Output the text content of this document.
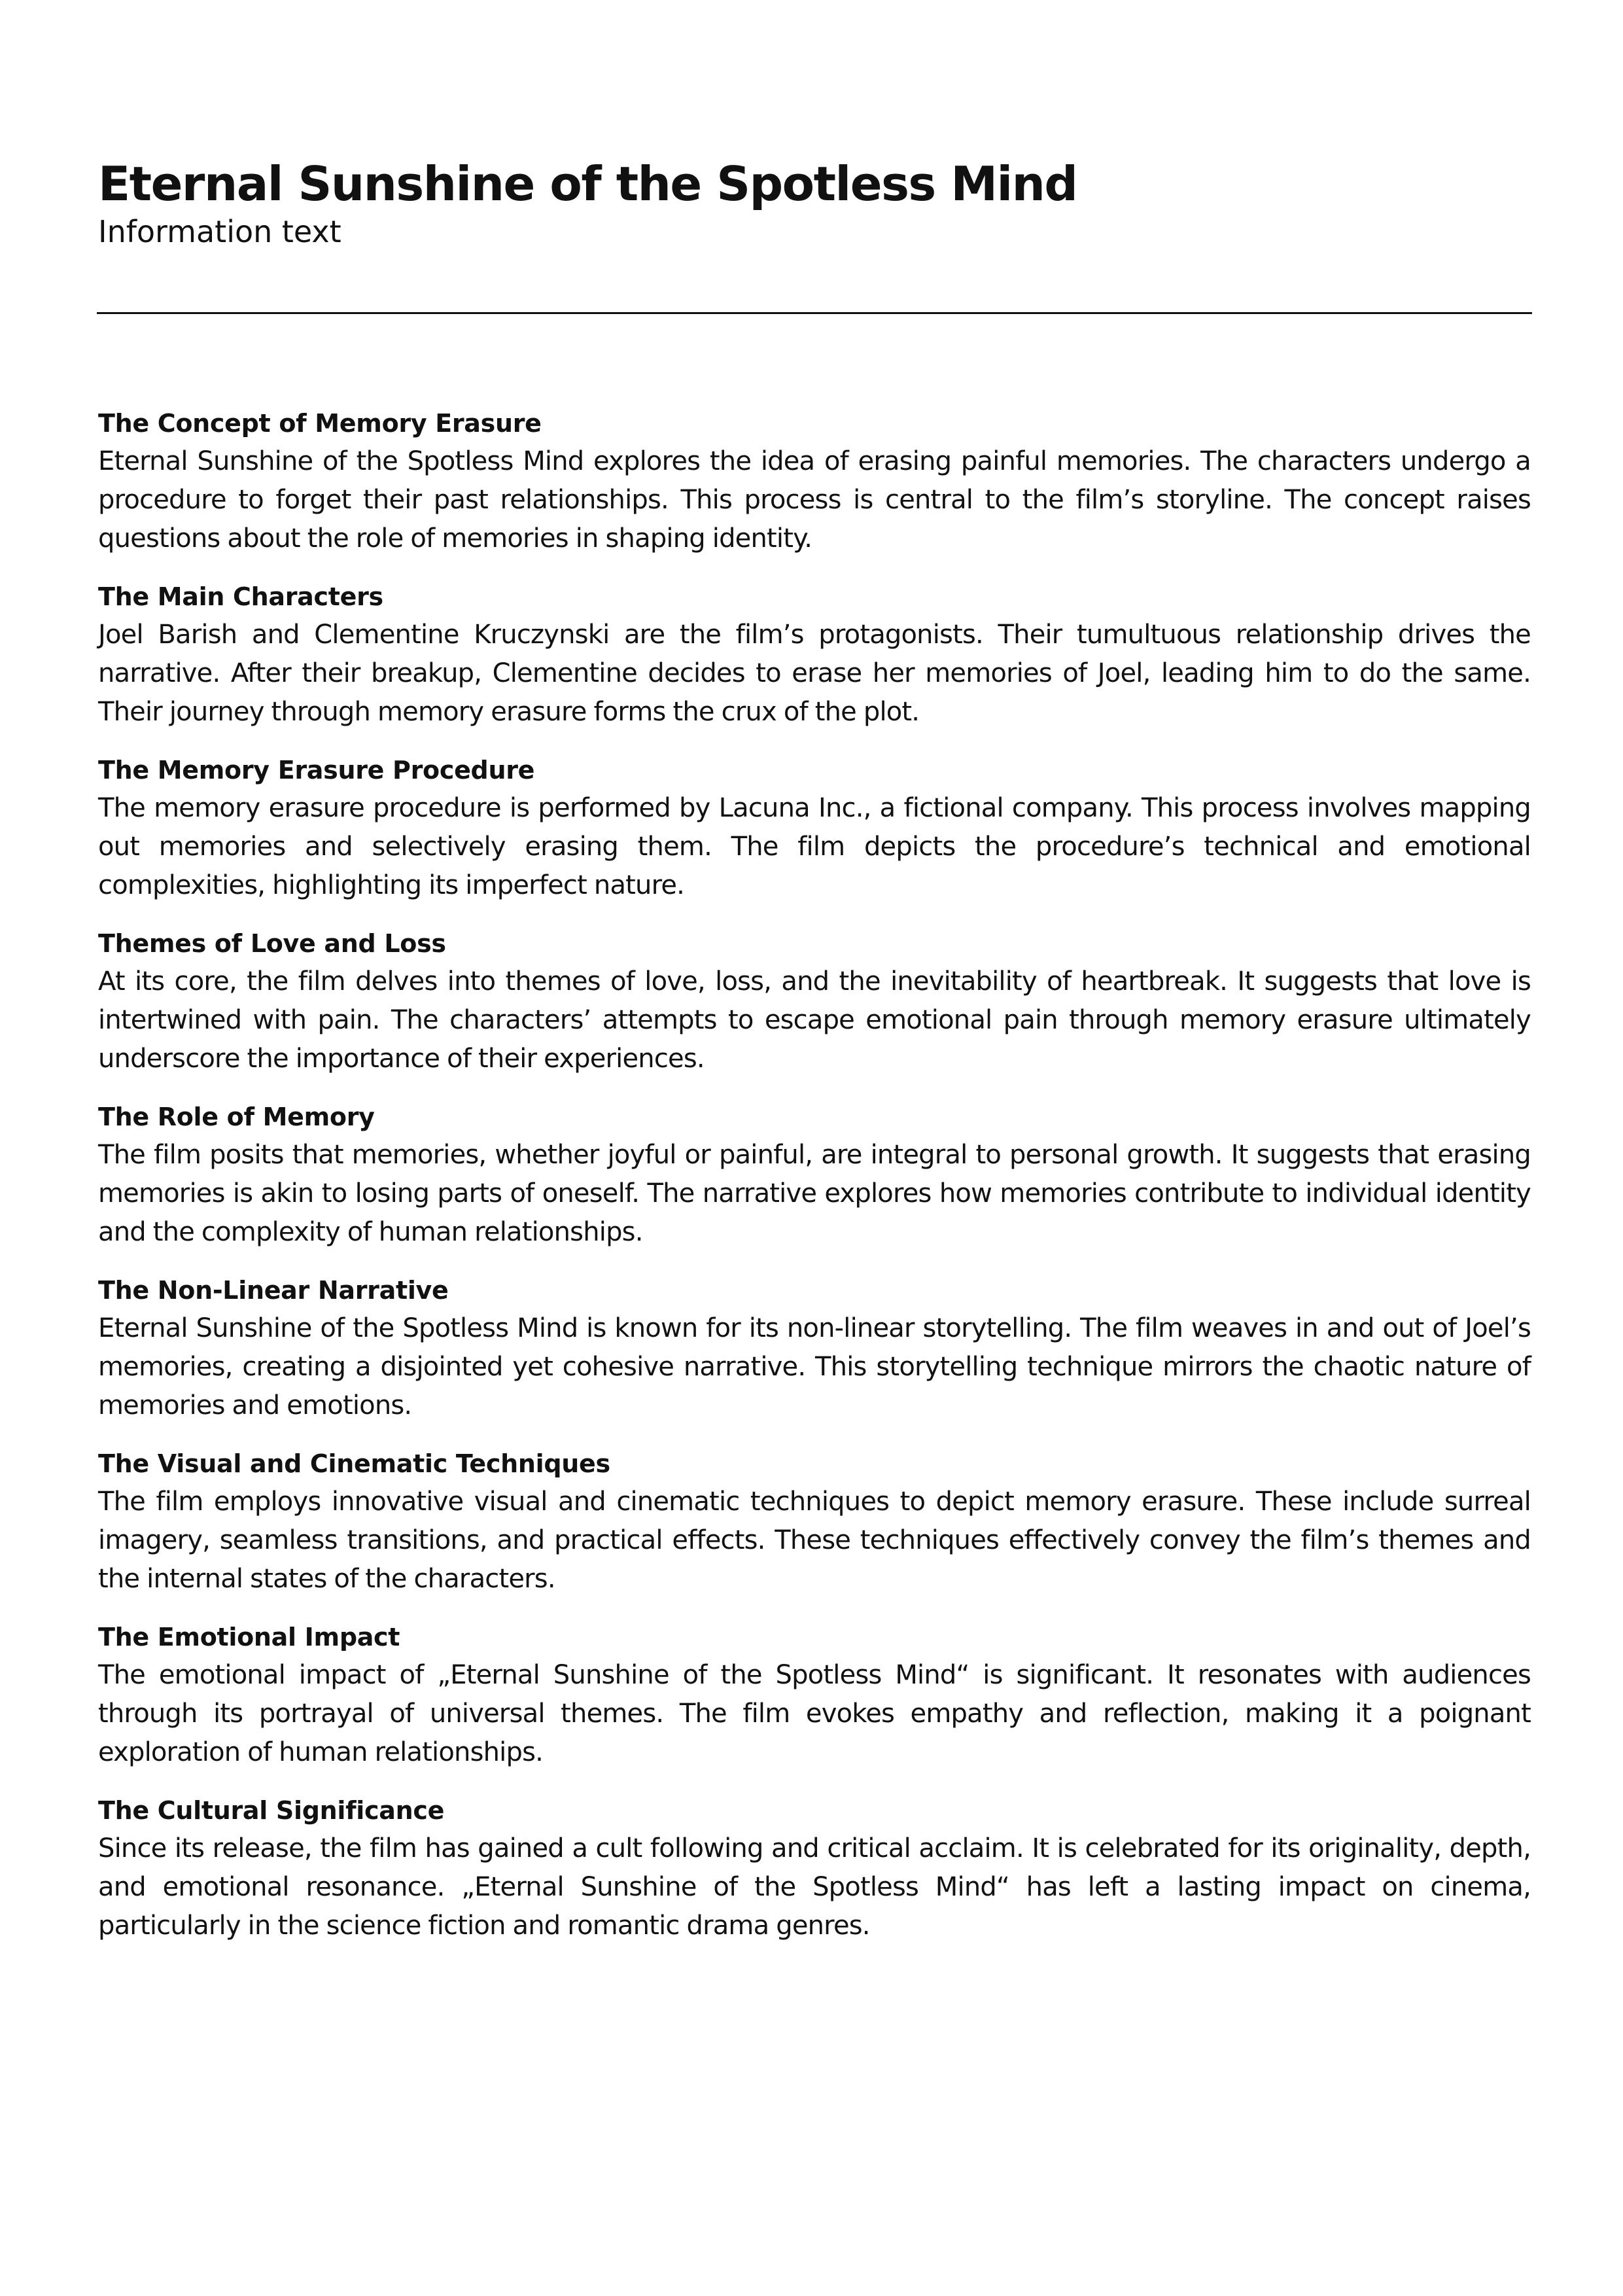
Eternal Sunshine of the Spotless Mind

Information text

The Concept of Memory Erasure

Eternal Sunshine of the Spotless Mind explores the idea of erasing painful memories. The characters undergo a procedure to forget their past relationships. This process is central to the film’s storyline. The concept raises questions about the role of memories in shaping identity.

The Main Characters

Joel Barish and Clementine Kruczynski are the film’s protagonists. Their tumultuous relationship drives the narrative. After their breakup, Clementine decides to erase her memories of Joel, leading him to do the same. Their journey through memory erasure forms the crux of the plot.

The Memory Erasure Procedure

The memory erasure procedure is performed by Lacuna Inc., a fictional company. This process involves mapping out memories and selectively erasing them. The film depicts the procedure’s technical and emotional complexities, highlighting its imperfect nature.

Themes of Love and Loss

At its core, the film delves into themes of love, loss, and the inevitability of heartbreak. It suggests that love is intertwined with pain. The characters’ attempts to escape emotional pain through memory erasure ultimately underscore the importance of their experiences.

The Role of Memory

The film posits that memories, whether joyful or painful, are integral to personal growth. It suggests that erasing memories is akin to losing parts of oneself. The narrative explores how memories contribute to individual identity and the complexity of human relationships.

The Non-Linear Narrative

Eternal Sunshine of the Spotless Mind is known for its non-linear storytelling. The film weaves in and out of Joel’s memories, creating a disjointed yet cohesive narrative. This storytelling technique mirrors the chaotic nature of memories and emotions.

The Visual and Cinematic Techniques

The film employs innovative visual and cinematic techniques to depict memory erasure. These include surreal imagery, seamless transitions, and practical effects. These techniques effectively convey the film’s themes and the internal states of the characters.

The Emotional Impact

The emotional impact of „Eternal Sunshine of the Spotless Mind“ is significant. It resonates with audiences through its portrayal of universal themes. The film evokes empathy and reflection, making it a poignant exploration of human relationships.

The Cultural Significance

Since its release, the film has gained a cult following and critical acclaim. It is celebrated for its originality, depth, and emotional resonance. „Eternal Sunshine of the Spotless Mind“ has left a lasting impact on cinema, particularly in the science fiction and romantic drama genres.
